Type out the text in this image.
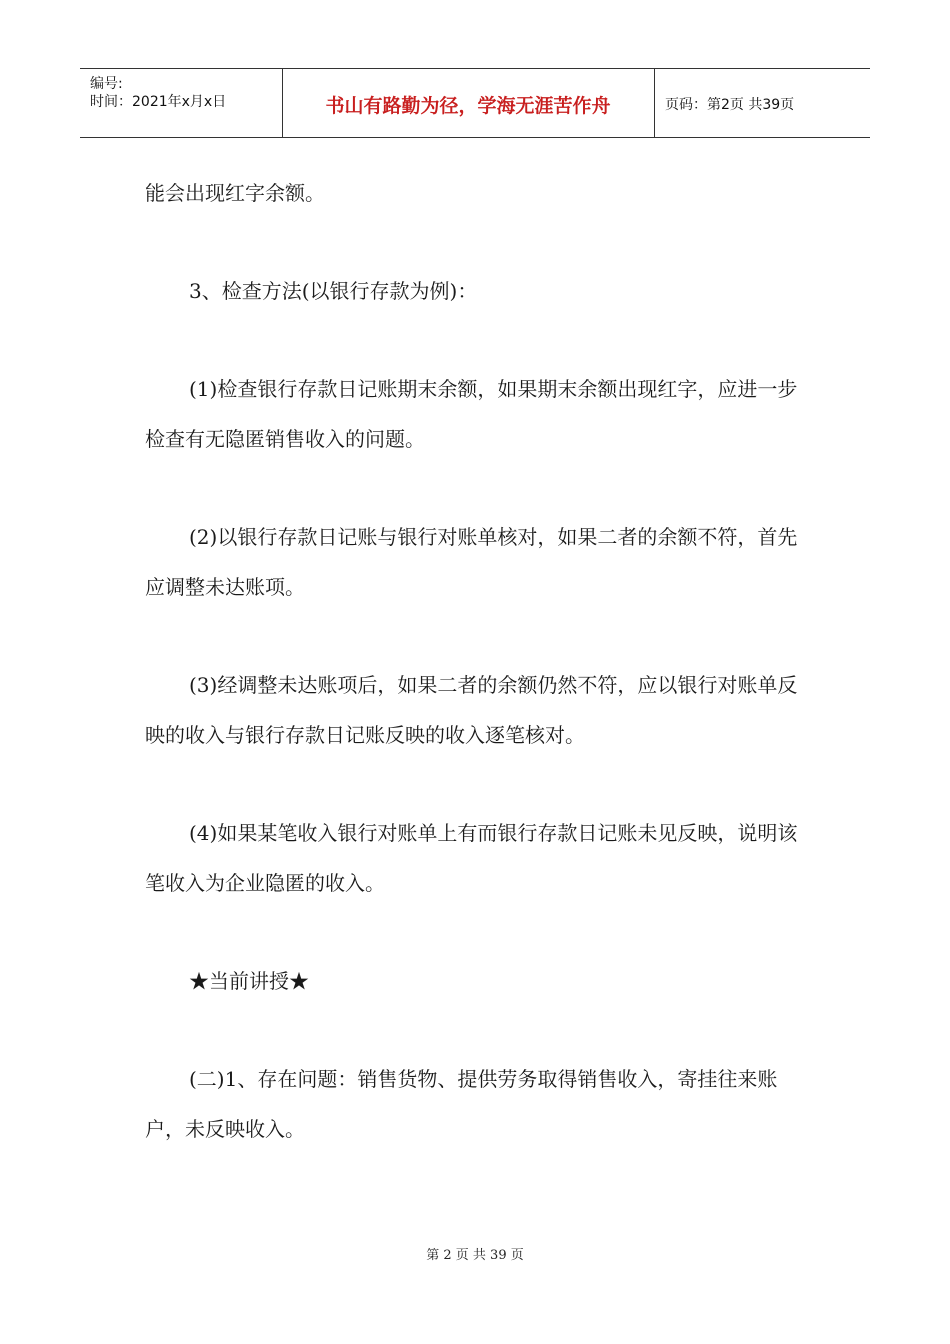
编号:
时间：2021年x月x日	书山有路勤为径，学海无涯苦作舟	页码：第2页 共39页

能会出现红字余额。

3、检查方法(以银行存款为例)：

(1)检查银行存款日记账期末余额，如果期末余额出现红字，应进一步检查有无隐匿销售收入的问题。

(2)以银行存款日记账与银行对账单核对，如果二者的余额不符，首先应调整未达账项。

(3)经调整未达账项后，如果二者的余额仍然不符，应以银行对账单反映的收入与银行存款日记账反映的收入逐笔核对。

(4)如果某笔收入银行对账单上有而银行存款日记账未见反映，说明该笔收入为企业隐匿的收入。

★当前讲授★

(二)1、存在问题：销售货物、提供劳务取得销售收入，寄挂往来账户，未反映收入。

第 2 页 共 39 页
